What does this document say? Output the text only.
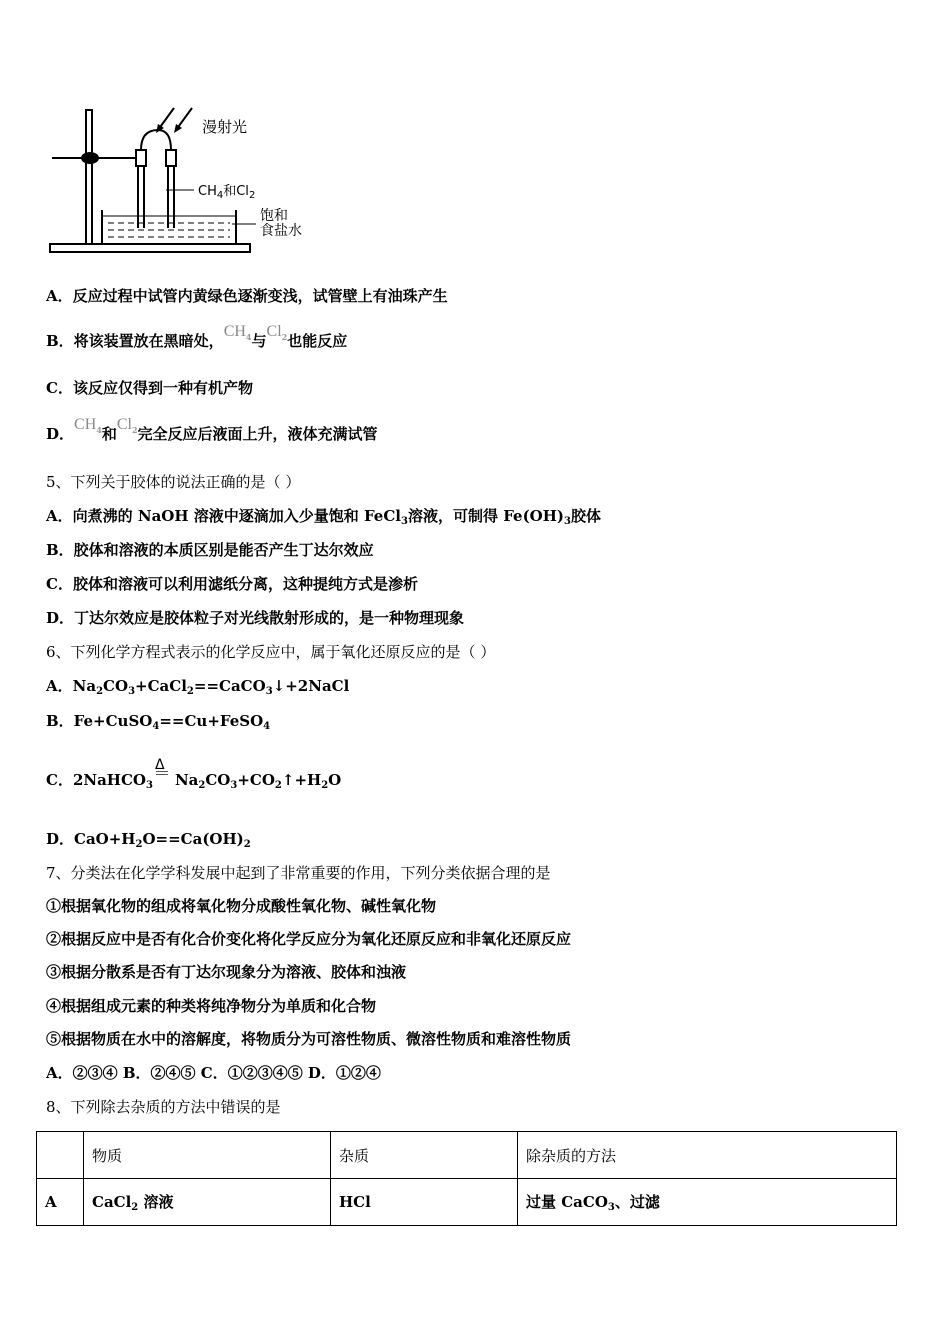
漫射光
$CH_4$和$Cl_2$
饱和
食盐水
A．反应过程中试管内黄绿色逐渐变浅，试管壁上有油珠产生
B．将该装置放在黑暗处，$CH^4$与Cl$^2$也能反应
C．该反应仅得到一种有机产物
D．$CH^4$和Cl$^2$完全反应后液面上升，液体充满试管
5、下列关于胶体的说法正确的是（ ）
A．向煮沸的 NaOH 溶液中逐滴加入少量饱和 FeCl$_3$溶液，可制得 $Fe(OH)_3$胶体
B．胶体和溶液的本质区别是能否产生丁达尔效应
C．胶体和溶液可以利用滤纸分离，这种提纯方式是渗析
D．丁达尔效应是胶体粒子对光线散射形成的，是一种物理现象
6、下列化学方程式表示的化学反应中，属于氧化还原反应的是（ ）
A．$Na_2CO_3+CaCl_2==CaCO_3↓+2NaCl$
B．Fe+CuSO$_4$==Cu+FeSO$_4$
C．2NaHCO$_3$
Δ
$Na_2CO_3+CO_2↑+H_2O$
D．$CaO+H_2O==Ca(OH)_2$
7、分类法在化学学科发展中起到了非常重要的作用，下列分类依据合理的是
①根据氧化物的组成将氧化物分成酸性氧化物、碱性氧化物
②根据反应中是否有化合价变化将化学反应分为氧化还原反应和非氧化还原反应
③根据分散系是否有丁达尔现象分为溶液、胶体和浊液
④根据组成元素的种类将纯净物分为单质和化合物
⑤根据物质在水中的溶解度，将物质分为可溶性物质、微溶性物质和难溶性物质
A．②③④ B．②④⑤ C．①②③④⑤ D．①②④
8、下列除去杂质的方法中错误的是
	物质	杂质	除杂质的方法
A	CaCl$_2$ 溶液	HCl	过量 CaCO$_3$、过滤
